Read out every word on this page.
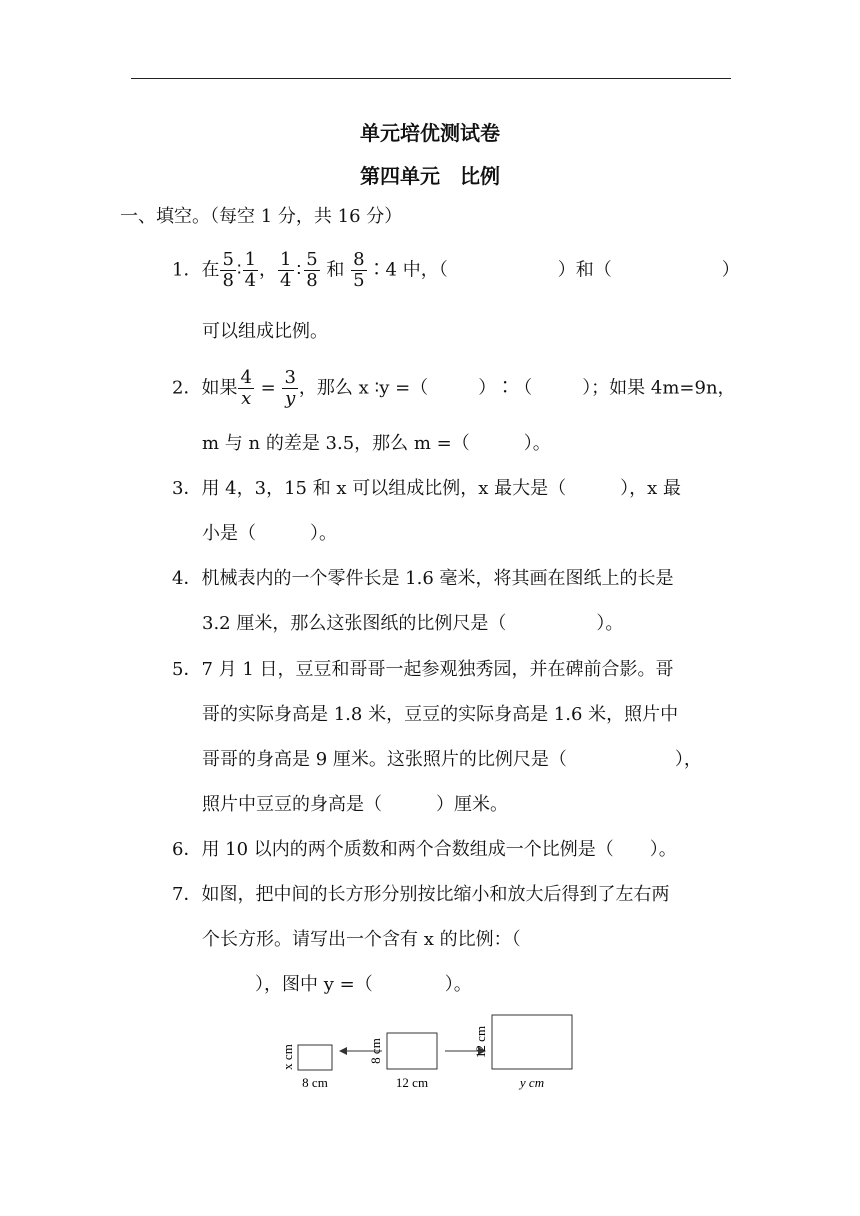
单元培优测试卷
第四单元　比例
一、填空。（每空 1 分，共 16 分）
1．在 $\frac{5}{8}$ ∶ $\frac{1}{4}$ ， $\frac{1}{4}$ ∶ $\frac{5}{8}$ 和 $\frac{8}{5}$ ∶4 中，（	）和（	）
可以组成比例。
2．如果 $\frac{4}{x} = \frac{3}{y}$ ，那么 x ∶y =（	）∶（	）；如果 4m=9n，
m 与 n 的差是 3.5，那么 m =（　　　）。
3．用 4，3，15 和 x 可以组成比例，x 最大是（　　　），x 最
小是（　　　）。
4．机械表内的一个零件长是 1.6 毫米，将其画在图纸上的长是
3.2 厘米，那么这张图纸的比例尺是（　　　　　）。
5．7 月 1 日，豆豆和哥哥一起参观独秀园，并在碑前合影。哥
哥的实际身高是 1.8 米，豆豆的实际身高是 1.6 米，照片中
哥哥的身高是 9 厘米。这张照片的比例尺是（　　　　　　），
照片中豆豆的身高是（　　　）厘米。
6．用 10 以内的两个质数和两个合数组成一个比例是（　　）。
7．如图，把中间的长方形分别按比缩小和放大后得到了左右两
个长方形。请写出一个含有 x 的比例：（
），图中 y =（　　　　）。
x cm
8 cm
8 cm
12 cm
12 cm
y cm
